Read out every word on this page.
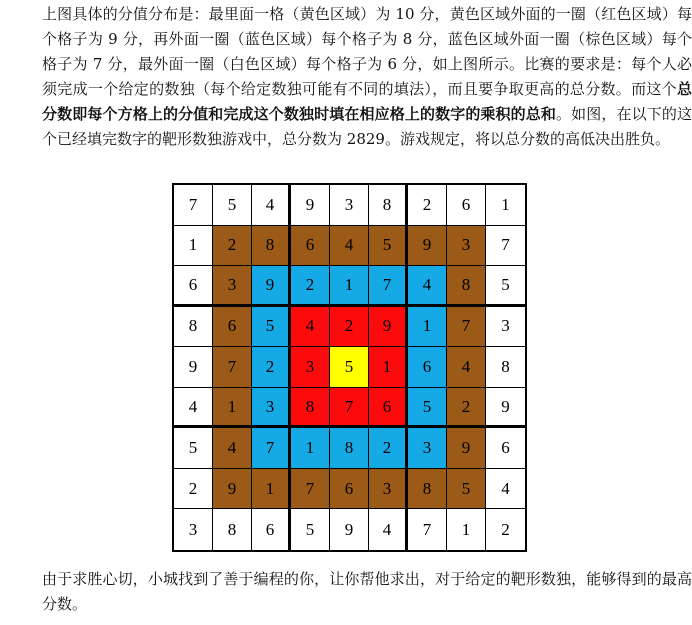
上图具体的分值分布是：最里面一格（黄色区域）为 10 分，黄色区域外面的一圈（红色区域）每个格子为 9 分，再外面一圈（蓝色区域）每个格子为 8 分，蓝色区域外面一圈（棕色区域）每个格子为 7 分，最外面一圈（白色区域）每个格子为 6 分，如上图所示。比赛的要求是：每个人必须完成一个给定的数独（每个给定数独可能有不同的填法），而且要争取更高的总分数。而这个总分数即每个方格上的分值和完成这个数独时填在相应格上的数字的乘积的总和。如图，在以下的这个已经填完数字的靶形数独游戏中，总分数为 2829。游戏规定，将以总分数的高低决出胜负。

7	5	4	9	3	8	2	6	1
1	2	8	6	4	5	9	3	7
6	3	9	2	1	7	4	8	5
8	6	5	4	2	9	1	7	3
9	7	2	3	5	1	6	4	8
4	1	3	8	7	6	5	2	9
5	4	7	1	8	2	3	9	6
2	9	1	7	6	3	8	5	4
3	8	6	5	9	4	7	1	2

由于求胜心切，小城找到了善于编程的你，让你帮他求出，对于给定的靶形数独，能够得到的最高分数。
